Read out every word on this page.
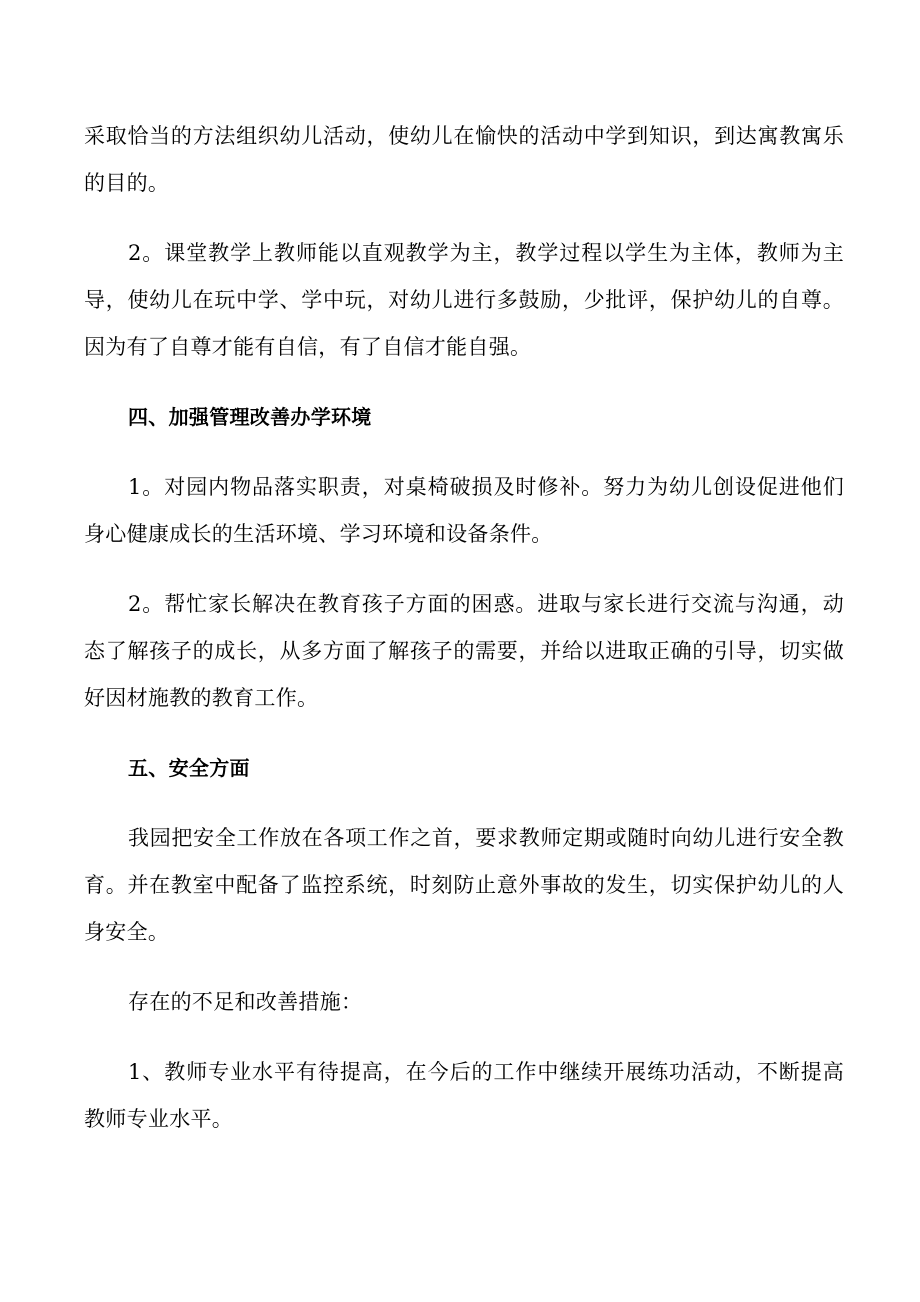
采取恰当的方法组织幼儿活动，使幼儿在愉快的活动中学到知识，到达寓教寓乐的目的。

2。课堂教学上教师能以直观教学为主，教学过程以学生为主体，教师为主导，使幼儿在玩中学、学中玩，对幼儿进行多鼓励，少批评，保护幼儿的自尊。因为有了自尊才能有自信，有了自信才能自强。

四、加强管理改善办学环境

1。对园内物品落实职责，对桌椅破损及时修补。努力为幼儿创设促进他们身心健康成长的生活环境、学习环境和设备条件。

2。帮忙家长解决在教育孩子方面的困惑。进取与家长进行交流与沟通，动态了解孩子的成长，从多方面了解孩子的需要，并给以进取正确的引导，切实做好因材施教的教育工作。

五、安全方面

我园把安全工作放在各项工作之首，要求教师定期或随时向幼儿进行安全教育。并在教室中配备了监控系统，时刻防止意外事故的发生，切实保护幼儿的人身安全。

存在的不足和改善措施：

1、教师专业水平有待提高，在今后的工作中继续开展练功活动，不断提高教师专业水平。
